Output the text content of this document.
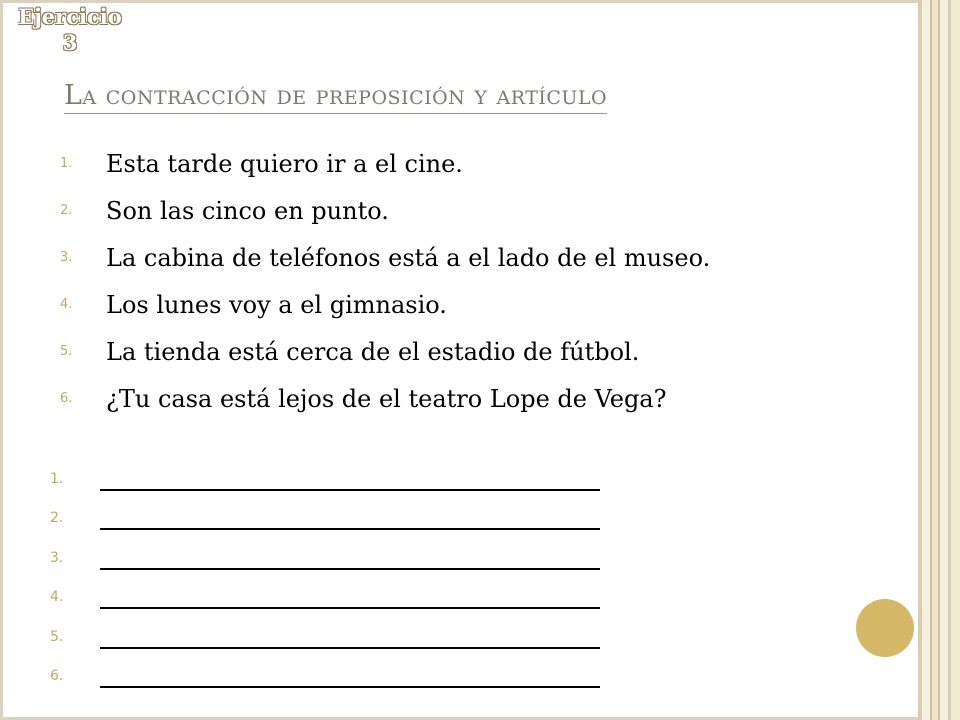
Ejercicio
3
La contracción de preposición y artículo
1.	Esta tarde quiero ir a el cine.
2.	Son las cinco en punto.
3.	La cabina de teléfonos está a el lado de el museo.
4.	Los lunes voy a el gimnasio.
5.	La tienda está cerca de el estadio de fútbol.
6.	¿Tu casa está lejos de el teatro Lope de Vega?
1.
2.
3.
4.
5.
6.
